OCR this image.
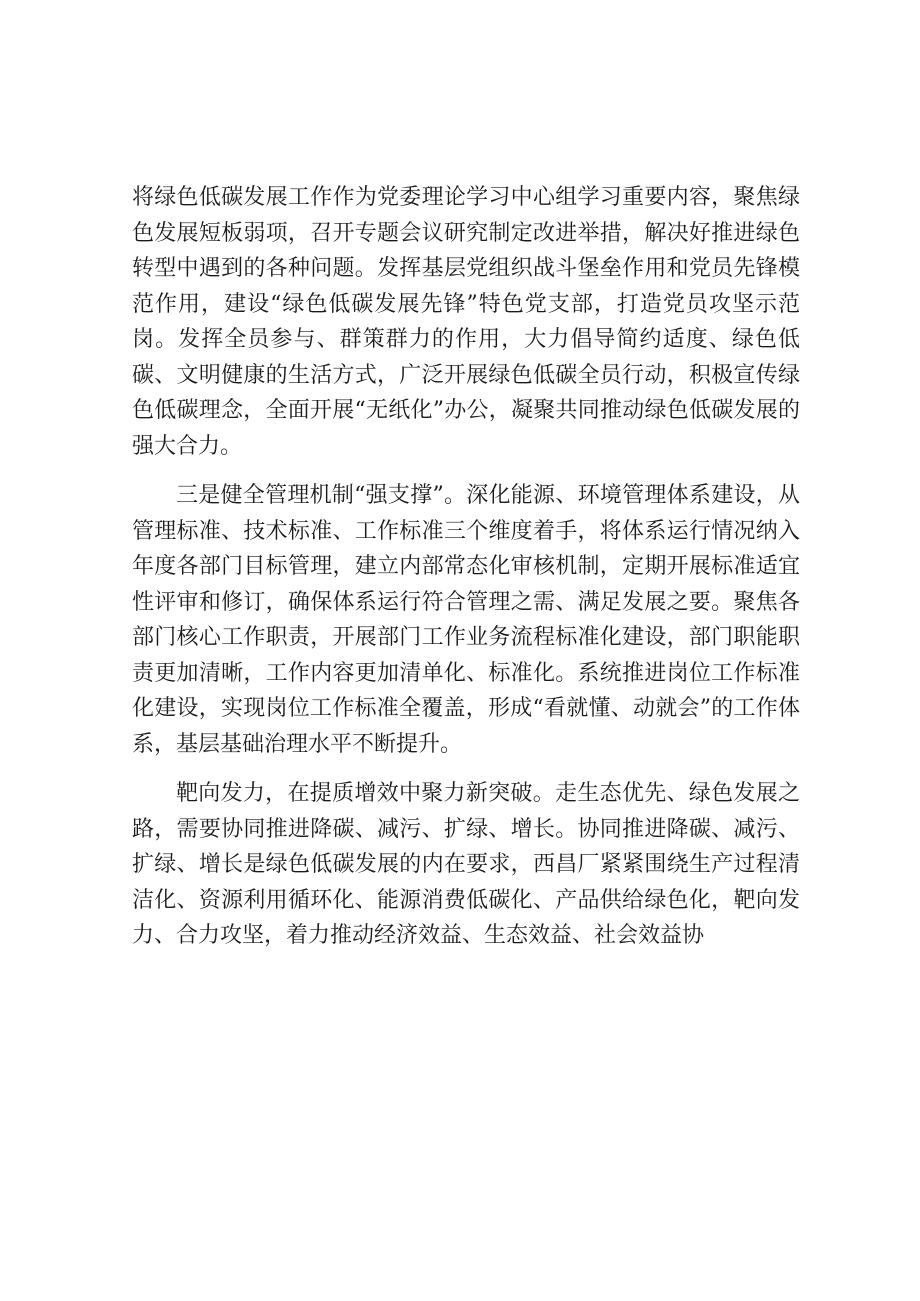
将绿色低碳发展工作作为党委理论学习中心组学习重要内容，聚焦绿色发展短板弱项，召开专题会议研究制定改进举措，解决好推进绿色转型中遇到的各种问题。发挥基层党组织战斗堡垒作用和党员先锋模范作用，建设“绿色低碳发展先锋”特色党支部，打造党员攻坚示范岗。发挥全员参与、群策群力的作用，大力倡导简约适度、绿色低碳、文明健康的生活方式，广泛开展绿色低碳全员行动，积极宣传绿色低碳理念，全面开展“无纸化”办公，凝聚共同推动绿色低碳发展的强大合力。

三是健全管理机制“强支撑”。深化能源、环境管理体系建设，从管理标准、技术标准、工作标准三个维度着手，将体系运行情况纳入年度各部门目标管理，建立内部常态化审核机制，定期开展标准适宜性评审和修订，确保体系运行符合管理之需、满足发展之要。聚焦各部门核心工作职责，开展部门工作业务流程标准化建设，部门职能职责更加清晰，工作内容更加清单化、标准化。系统推进岗位工作标准化建设，实现岗位工作标准全覆盖，形成“看就懂、动就会”的工作体系，基层基础治理水平不断提升。

靶向发力，在提质增效中聚力新突破。走生态优先、绿色发展之路，需要协同推进降碳、减污、扩绿、增长。协同推进降碳、减污、扩绿、增长是绿色低碳发展的内在要求，西昌厂紧紧围绕生产过程清洁化、资源利用循环化、能源消费低碳化、产品供给绿色化，靶向发力、合力攻坚，着力推动经济效益、生态效益、社会效益协
